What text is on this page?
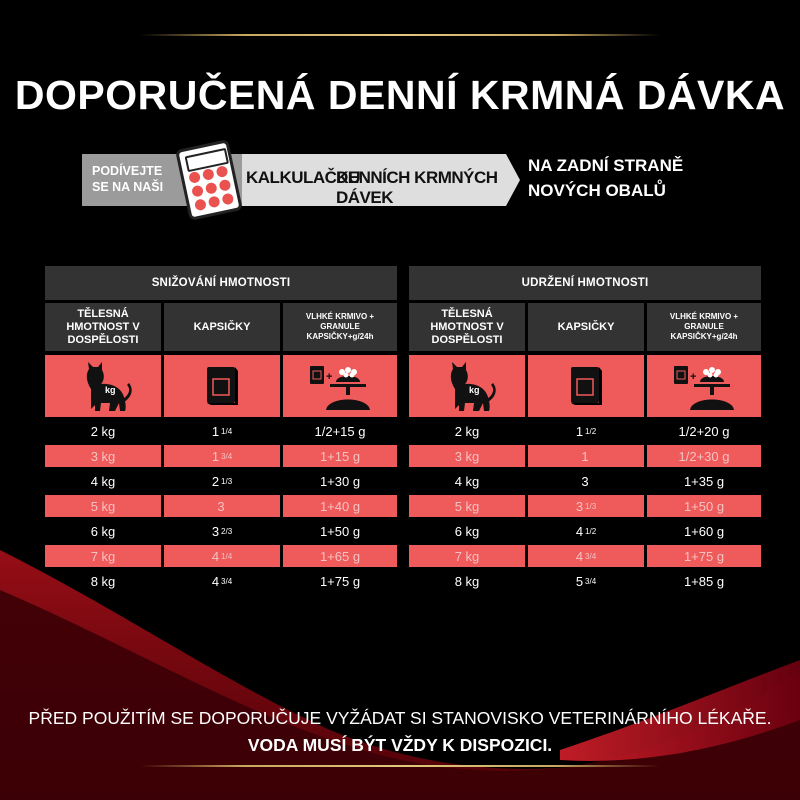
DOPORUČENÁ DENNÍ KRMNÁ DÁVKA
PODÍVEJTE SE NA NAŠI	KALKULAČKU
DENNÍCH KRMNÝCH DÁVEK
NA ZADNÍ STRANĚ
NOVÝCH OBALŮ
SNIŽOVÁNÍ HMOTNOSTI
TĚLESNÁ HMOTNOST V DOSPĚLOSTI
KAPSIČKY
VLHKÉ KRMIVO + GRANULE KAPSIČKY+g/24h
kg
+
2 kg	1 1/4	1/2+15 g
3 kg	1 3/4	1+15 g
4 kg	2 1/3	1+30 g
5 kg	3	1+40 g
6 kg	3 2/3	1+50 g
7 kg	4 1/4	1+65 g
8 kg	4 3/4	1+75 g
UDRŽENÍ HMOTNOSTI
TĚLESNÁ HMOTNOST V DOSPĚLOSTI
KAPSIČKY
VLHKÉ KRMIVO + GRANULE KAPSIČKY+g/24h
kg
+
2 kg	1 1/2	1/2+20 g
3 kg	1	1/2+30 g
4 kg	3	1+35 g
5 kg	3 1/3	1+50 g
6 kg	4 1/2	1+60 g
7 kg	4 3/4	1+75 g
8 kg	5 3/4	1+85 g
PŘED POUŽITÍM SE DOPORUČUJE VYŽÁDAT SI STANOVISKO VETERINÁRNÍHO LÉKAŘE.
VODA MUSÍ BÝT VŽDY K DISPOZICI.
